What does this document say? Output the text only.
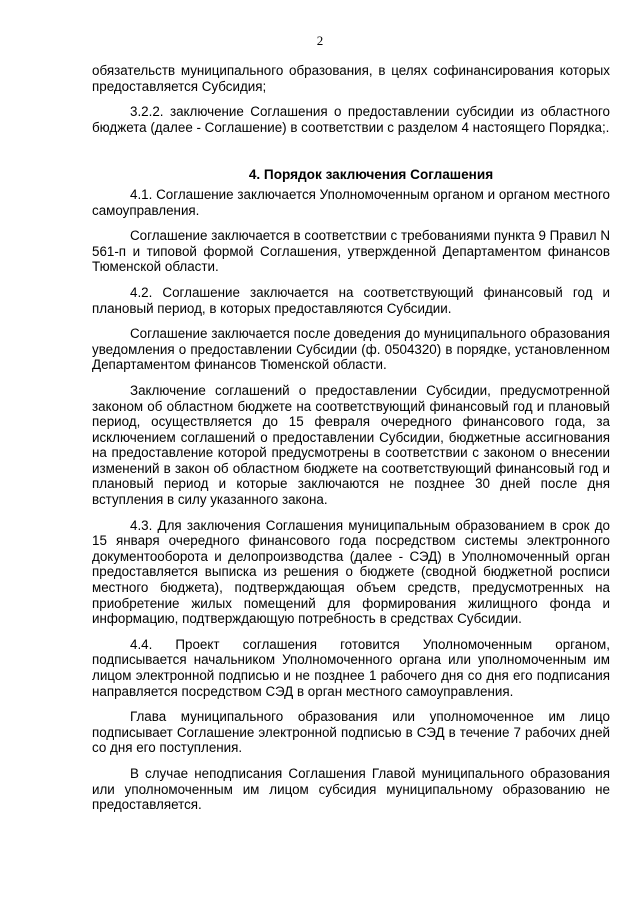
2

обязательств муниципального образования, в целях софинансирования которых предоставляется Субсидия;

3.2.2. заключение Соглашения о предоставлении субсидии из областного бюджета (далее - Соглашение) в соответствии с разделом 4 настоящего Порядка;.

4. Порядок заключения Соглашения

4.1. Соглашение заключается Уполномоченным органом и органом местного самоуправления.

Соглашение заключается в соответствии с требованиями пункта 9 Правил N 561-п и типовой формой Соглашения, утвержденной Департаментом финансов Тюменской области.

4.2. Соглашение заключается на соответствующий финансовый год и плановый период, в которых предоставляются Субсидии.

Соглашение заключается после доведения до муниципального образования уведомления о предоставлении Субсидии (ф. 0504320) в порядке, установленном Департаментом финансов Тюменской области.

Заключение соглашений о предоставлении Субсидии, предусмотренной законом об областном бюджете на соответствующий финансовый год и плановый период, осуществляется до 15 февраля очередного финансового года, за исключением соглашений о предоставлении Субсидии, бюджетные ассигнования на предоставление которой предусмотрены в соответствии с законом о внесении изменений в закон об областном бюджете на соответствующий финансовый год и плановый период и которые заключаются не позднее 30 дней после дня вступления в силу указанного закона.

4.3. Для заключения Соглашения муниципальным образованием в срок до 15 января очередного финансового года посредством системы электронного документооборота и делопроизводства (далее - СЭД) в Уполномоченный орган предоставляется выписка из решения о бюджете (сводной бюджетной росписи местного бюджета), подтверждающая объем средств, предусмотренных на приобретение жилых помещений для формирования жилищного фонда и информацию, подтверждающую потребность в средствах Субсидии.

4.4. Проект соглашения готовится Уполномоченным органом, подписывается начальником Уполномоченного органа или уполномоченным им лицом электронной подписью и не позднее 1 рабочего дня со дня его подписания направляется посредством СЭД в орган местного самоуправления.

Глава муниципального образования или уполномоченное им лицо подписывает Соглашение электронной подписью в СЭД в течение 7 рабочих дней со дня его поступления.

В случае неподписания Соглашения Главой муниципального образования или уполномоченным им лицом субсидия муниципальному образованию не предоставляется.
